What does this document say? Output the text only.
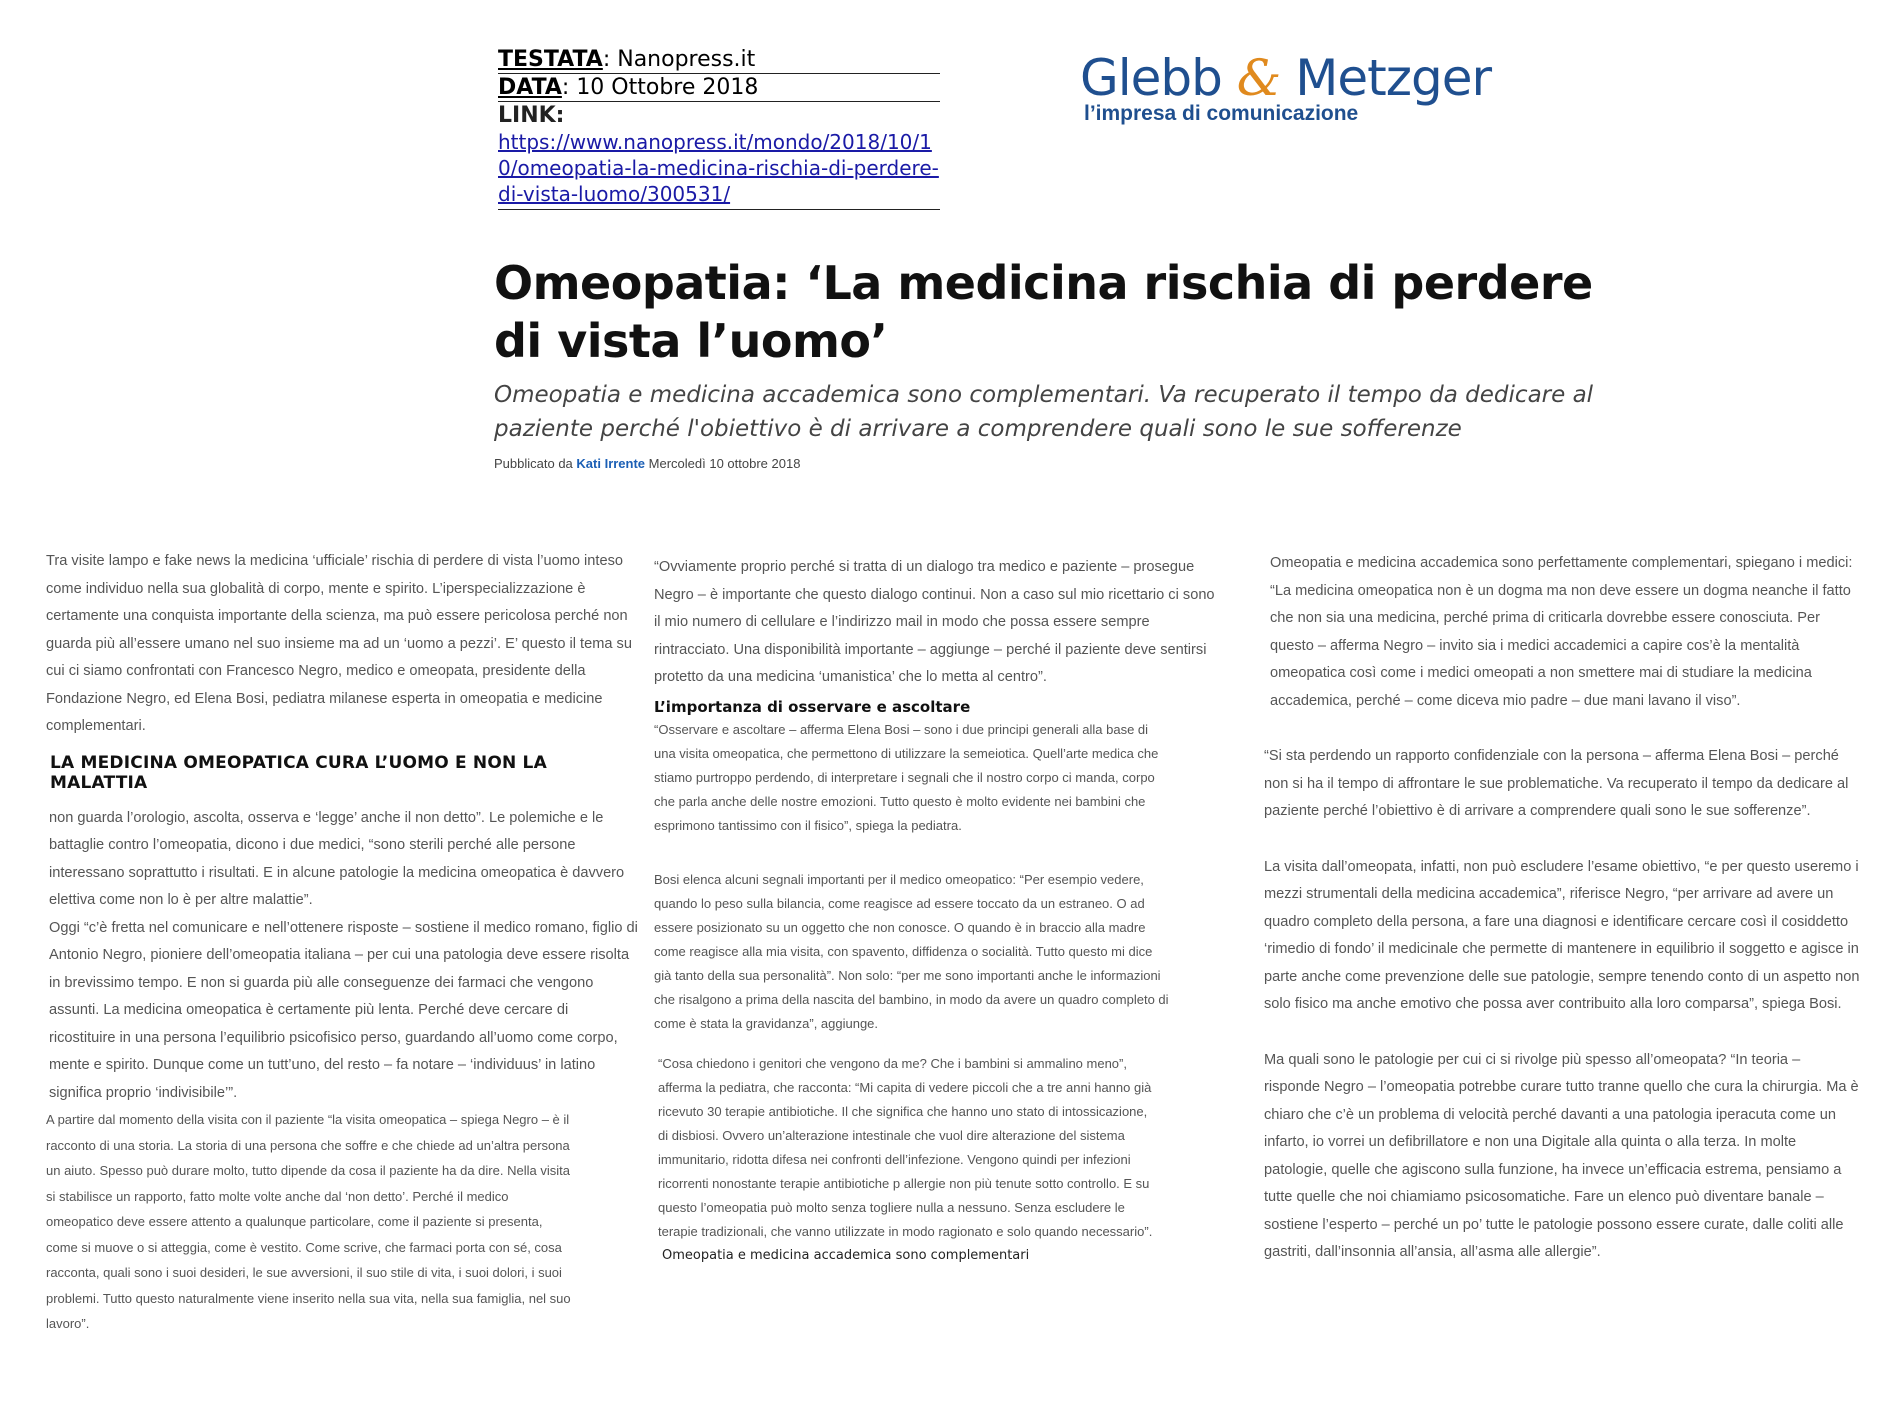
TESTATA: Nanopress.it
DATA: 10 Ottobre 2018
LINK:
https://www.nanopress.it/mondo/2018/10/10/omeopatia-la-medicina-rischia-di-perdere-di-vista-luomo/300531/
Glebb & Metzger
l’impresa di comunicazione
Omeopatia: ‘La medicina rischia di perdere di vista l’uomo’

Omeopatia e medicina accademica sono complementari. Va recuperato il tempo da dedicare al paziente perché l'obiettivo è di arrivare a comprendere quali sono le sue sofferenze

Pubblicato da Kati Irrente Mercoledì 10 ottobre 2018

Tra visite lampo e fake news la medicina ‘ufficiale’ rischia di perdere di vista l’uomo inteso come individuo nella sua globalità di corpo, mente e spirito. L’iperspecializzazione è certamente una conquista importante della scienza, ma può essere pericolosa perché non guarda più all’essere umano nel suo insieme ma ad un ‘uomo a pezzi’. E’ questo il tema su cui ci siamo confrontati con Francesco Negro, medico e omeopata, presidente della Fondazione Negro, ed Elena Bosi, pediatra milanese esperta in omeopatia e medicine complementari.

LA MEDICINA OMEOPATICA CURA L’UOMO E NON LA MALATTIA

non guarda l’orologio, ascolta, osserva e ‘legge’ anche il non detto”. Le polemiche e le battaglie contro l’omeopatia, dicono i due medici, “sono sterili perché alle persone interessano soprattutto i risultati. E in alcune patologie la medicina omeopatica è davvero elettiva come non lo è per altre malattie”.

Oggi “c’è fretta nel comunicare e nell’ottenere risposte – sostiene il medico romano, figlio di Antonio Negro, pioniere dell’omeopatia italiana – per cui una patologia deve essere risolta in brevissimo tempo. E non si guarda più alle conseguenze dei farmaci che vengono assunti. La medicina omeopatica è certamente più lenta. Perché deve cercare di ricostituire in una persona l’equilibrio psicofisico perso, guardando all’uomo come corpo, mente e spirito. Dunque come un tutt’uno, del resto – fa notare – ‘individuus’ in latino significa proprio ‘indivisibile’”.

A partire dal momento della visita con il paziente “la visita omeopatica – spiega Negro – è il racconto di una storia. La storia di una persona che soffre e che chiede ad un’altra persona un aiuto. Spesso può durare molto, tutto dipende da cosa il paziente ha da dire. Nella visita si stabilisce un rapporto, fatto molte volte anche dal ‘non detto’. Perché il medico omeopatico deve essere attento a qualunque particolare, come il paziente si presenta, come si muove o si atteggia, come è vestito. Come scrive, che farmaci porta con sé, cosa racconta, quali sono i suoi desideri, le sue avversioni, il suo stile di vita, i suoi dolori, i suoi problemi. Tutto questo naturalmente viene inserito nella sua vita, nella sua famiglia, nel suo lavoro”.

“Ovviamente proprio perché si tratta di un dialogo tra medico e paziente – prosegue Negro – è importante che questo dialogo continui. Non a caso sul mio ricettario ci sono il mio numero di cellulare e l’indirizzo mail in modo che possa essere sempre rintracciato. Una disponibilità importante – aggiunge – perché il paziente deve sentirsi protetto da una medicina ‘umanistica’ che lo metta al centro”.

L’importanza di osservare e ascoltare

“Osservare e ascoltare – afferma Elena Bosi – sono i due principi generali alla base di una visita omeopatica, che permettono di utilizzare la semeiotica. Quell’arte medica che stiamo purtroppo perdendo, di interpretare i segnali che il nostro corpo ci manda, corpo che parla anche delle nostre emozioni. Tutto questo è molto evidente nei bambini che esprimono tantissimo con il fisico”, spiega la pediatra.

Bosi elenca alcuni segnali importanti per il medico omeopatico: “Per esempio vedere, quando lo peso sulla bilancia, come reagisce ad essere toccato da un estraneo. O ad essere posizionato su un oggetto che non conosce. O quando è in braccio alla madre come reagisce alla mia visita, con spavento, diffidenza o socialità. Tutto questo mi dice già tanto della sua personalità”. Non solo: “per me sono importanti anche le informazioni che risalgono a prima della nascita del bambino, in modo da avere un quadro completo di come è stata la gravidanza”, aggiunge.

“Cosa chiedono i genitori che vengono da me? Che i bambini si ammalino meno”, afferma la pediatra, che racconta: “Mi capita di vedere piccoli che a tre anni hanno già ricevuto 30 terapie antibiotiche. Il che significa che hanno uno stato di intossicazione, di disbiosi. Ovvero un’alterazione intestinale che vuol dire alterazione del sistema immunitario, ridotta difesa nei confronti dell’infezione. Vengono quindi per infezioni ricorrenti nonostante terapie antibiotiche p allergie non più tenute sotto controllo. E su questo l’omeopatia può molto senza togliere nulla a nessuno. Senza escludere le terapie tradizionali, che vanno utilizzate in modo ragionato e solo quando necessario”.

Omeopatia e medicina accademica sono complementari

Omeopatia e medicina accademica sono perfettamente complementari, spiegano i medici: “La medicina omeopatica non è un dogma ma non deve essere un dogma neanche il fatto che non sia una medicina, perché prima di criticarla dovrebbe essere conosciuta. Per questo – afferma Negro – invito sia i medici accademici a capire cos’è la mentalità omeopatica così come i medici omeopati a non smettere mai di studiare la medicina accademica, perché – come diceva mio padre – due mani lavano il viso”.

“Si sta perdendo un rapporto confidenziale con la persona – afferma Elena Bosi – perché non si ha il tempo di affrontare le sue problematiche. Va recuperato il tempo da dedicare al paziente perché l’obiettivo è di arrivare a comprendere quali sono le sue sofferenze”.

La visita dall’omeopata, infatti, non può escludere l’esame obiettivo, “e per questo useremo i mezzi strumentali della medicina accademica”, riferisce Negro, “per arrivare ad avere un quadro completo della persona, a fare una diagnosi e identificare cercare così il cosiddetto ‘rimedio di fondo’ il medicinale che permette di mantenere in equilibrio il soggetto e agisce in parte anche come prevenzione delle sue patologie, sempre tenendo conto di un aspetto non solo fisico ma anche emotivo che possa aver contribuito alla loro comparsa”, spiega Bosi.

Ma quali sono le patologie per cui ci si rivolge più spesso all’omeopata? “In teoria – risponde Negro – l’omeopatia potrebbe curare tutto tranne quello che cura la chirurgia. Ma è chiaro che c’è un problema di velocità perché davanti a una patologia iperacuta come un infarto, io vorrei un defibrillatore e non una Digitale alla quinta o alla terza. In molte patologie, quelle che agiscono sulla funzione, ha invece un’efficacia estrema, pensiamo a tutte quelle che noi chiamiamo psicosomatiche. Fare un elenco può diventare banale – sostiene l’esperto – perché un po’ tutte le patologie possono essere curate, dalle coliti alle gastriti, dall’insonnia all’ansia, all’asma alle allergie”.
